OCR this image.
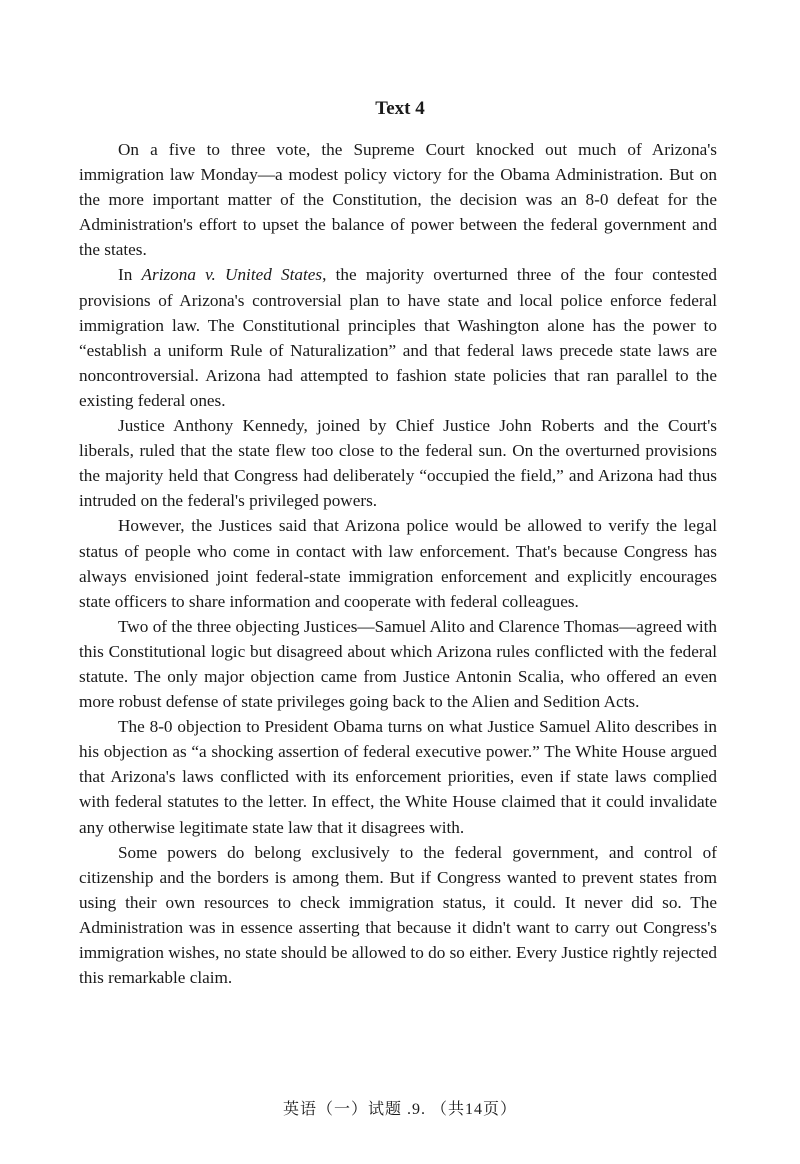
Text 4

On a five to three vote, the Supreme Court knocked out much of Arizona's immigration law Monday—a modest policy victory for the Obama Administration. But on the more important matter of the Constitution, the decision was an 8-0 defeat for the Administration's effort to upset the balance of power between the federal government and the states.

In Arizona v. United States, the majority overturned three of the four contested provisions of Arizona's controversial plan to have state and local police enforce federal immigration law. The Constitutional principles that Washington alone has the power to “establish a uniform Rule of Naturalization” and that federal laws precede state laws are noncontroversial. Arizona had attempted to fashion state policies that ran parallel to the existing federal ones.

Justice Anthony Kennedy, joined by Chief Justice John Roberts and the Court's liberals, ruled that the state flew too close to the federal sun. On the overturned provisions the majority held that Congress had deliberately “occupied the field,” and Arizona had thus intruded on the federal's privileged powers.

However, the Justices said that Arizona police would be allowed to verify the legal status of people who come in contact with law enforcement. That's because Congress has always envisioned joint federal-state immigration enforcement and explicitly encourages state officers to share information and cooperate with federal colleagues.

Two of the three objecting Justices—Samuel Alito and Clarence Thomas—agreed with this Constitutional logic but disagreed about which Arizona rules conflicted with the federal statute. The only major objection came from Justice Antonin Scalia, who offered an even more robust defense of state privileges going back to the Alien and Sedition Acts.

The 8-0 objection to President Obama turns on what Justice Samuel Alito describes in his objection as “a shocking assertion of federal executive power.” The White House argued that Arizona's laws conflicted with its enforcement priorities, even if state laws complied with federal statutes to the letter. In effect, the White House claimed that it could invalidate any otherwise legitimate state law that it disagrees with.

Some powers do belong exclusively to the federal government, and control of citizenship and the borders is among them. But if Congress wanted to prevent states from using their own resources to check immigration status, it could. It never did so. The Administration was in essence asserting that because it didn't want to carry out Congress's immigration wishes, no state should be allowed to do so either. Every Justice rightly rejected this remarkable claim.

英语（一）试题 .9. （共14页）
